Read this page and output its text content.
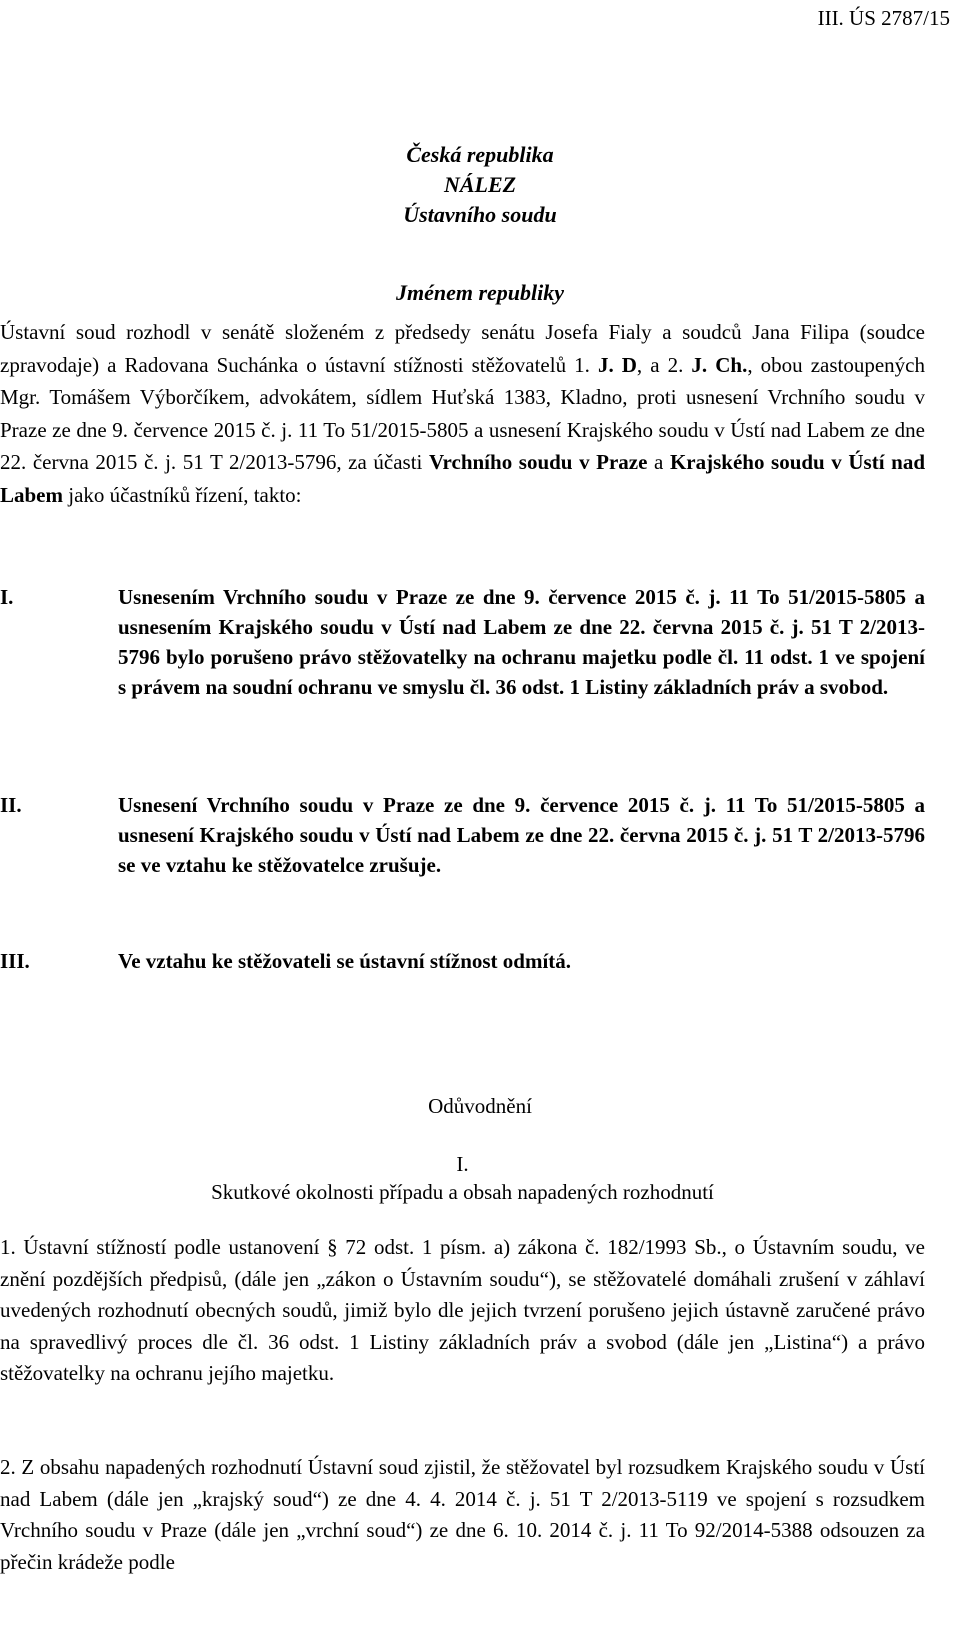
III. ÚS 2787/15
Česká republika
NÁLEZ
Ústavního soudu
Jménem republiky
Ústavní soud rozhodl v senátě složeném z předsedy senátu Josefa Fialy a soudců Jana Filipa (soudce zpravodaje) a Radovana Suchánka o ústavní stížnosti stěžovatelů 1. J. D, a 2. J. Ch., obou zastoupených Mgr. Tomášem Výborčíkem, advokátem, sídlem Huťská 1383, Kladno, proti usnesení Vrchního soudu v Praze ze dne 9. července 2015 č. j. 11 To 51/2015-5805 a usnesení Krajského soudu v Ústí nad Labem ze dne 22. června 2015 č. j. 51 T 2/2013-5796, za účasti Vrchního soudu v Praze a Krajského soudu v Ústí nad Labem jako účastníků řízení, takto:
I.	Usnesením Vrchního soudu v Praze ze dne 9. července 2015 č. j. 11 To 51/2015-5805 a usnesením Krajského soudu v Ústí nad Labem ze dne 22. června 2015 č. j. 51 T 2/2013-5796 bylo porušeno právo stěžovatelky na ochranu majetku podle čl. 11 odst. 1 ve spojení s právem na soudní ochranu ve smyslu čl. 36 odst. 1 Listiny základních práv a svobod.
II.	Usnesení Vrchního soudu v Praze ze dne 9. července 2015 č. j. 11 To 51/2015-5805 a usnesení Krajského soudu v Ústí nad Labem ze dne 22. června 2015 č. j. 51 T 2/2013-5796 se ve vztahu ke stěžovatelce zrušuje.
III.	Ve vztahu ke stěžovateli se ústavní stížnost odmítá.
Odůvodnění
I.
Skutkové okolnosti případu a obsah napadených rozhodnutí
1. Ústavní stížností podle ustanovení § 72 odst. 1 písm. a) zákona č. 182/1993 Sb., o Ústavním soudu, ve znění pozdějších předpisů, (dále jen „zákon o Ústavním soudu“), se stěžovatelé domáhali zrušení v záhlaví uvedených rozhodnutí obecných soudů, jimiž bylo dle jejich tvrzení porušeno jejich ústavně zaručené právo na spravedlivý proces dle čl. 36 odst. 1 Listiny základních práv a svobod (dále jen „Listina“) a právo stěžovatelky na ochranu jejího majetku.
2. Z obsahu napadených rozhodnutí Ústavní soud zjistil, že stěžovatel byl rozsudkem Krajského soudu v Ústí nad Labem (dále jen „krajský soud“) ze dne 4. 4. 2014 č. j. 51 T 2/2013-5119 ve spojení s rozsudkem Vrchního soudu v Praze (dále jen „vrchní soud“) ze dne 6. 10. 2014 č. j. 11 To 92/2014-5388 odsouzen za přečin krádeže podle
